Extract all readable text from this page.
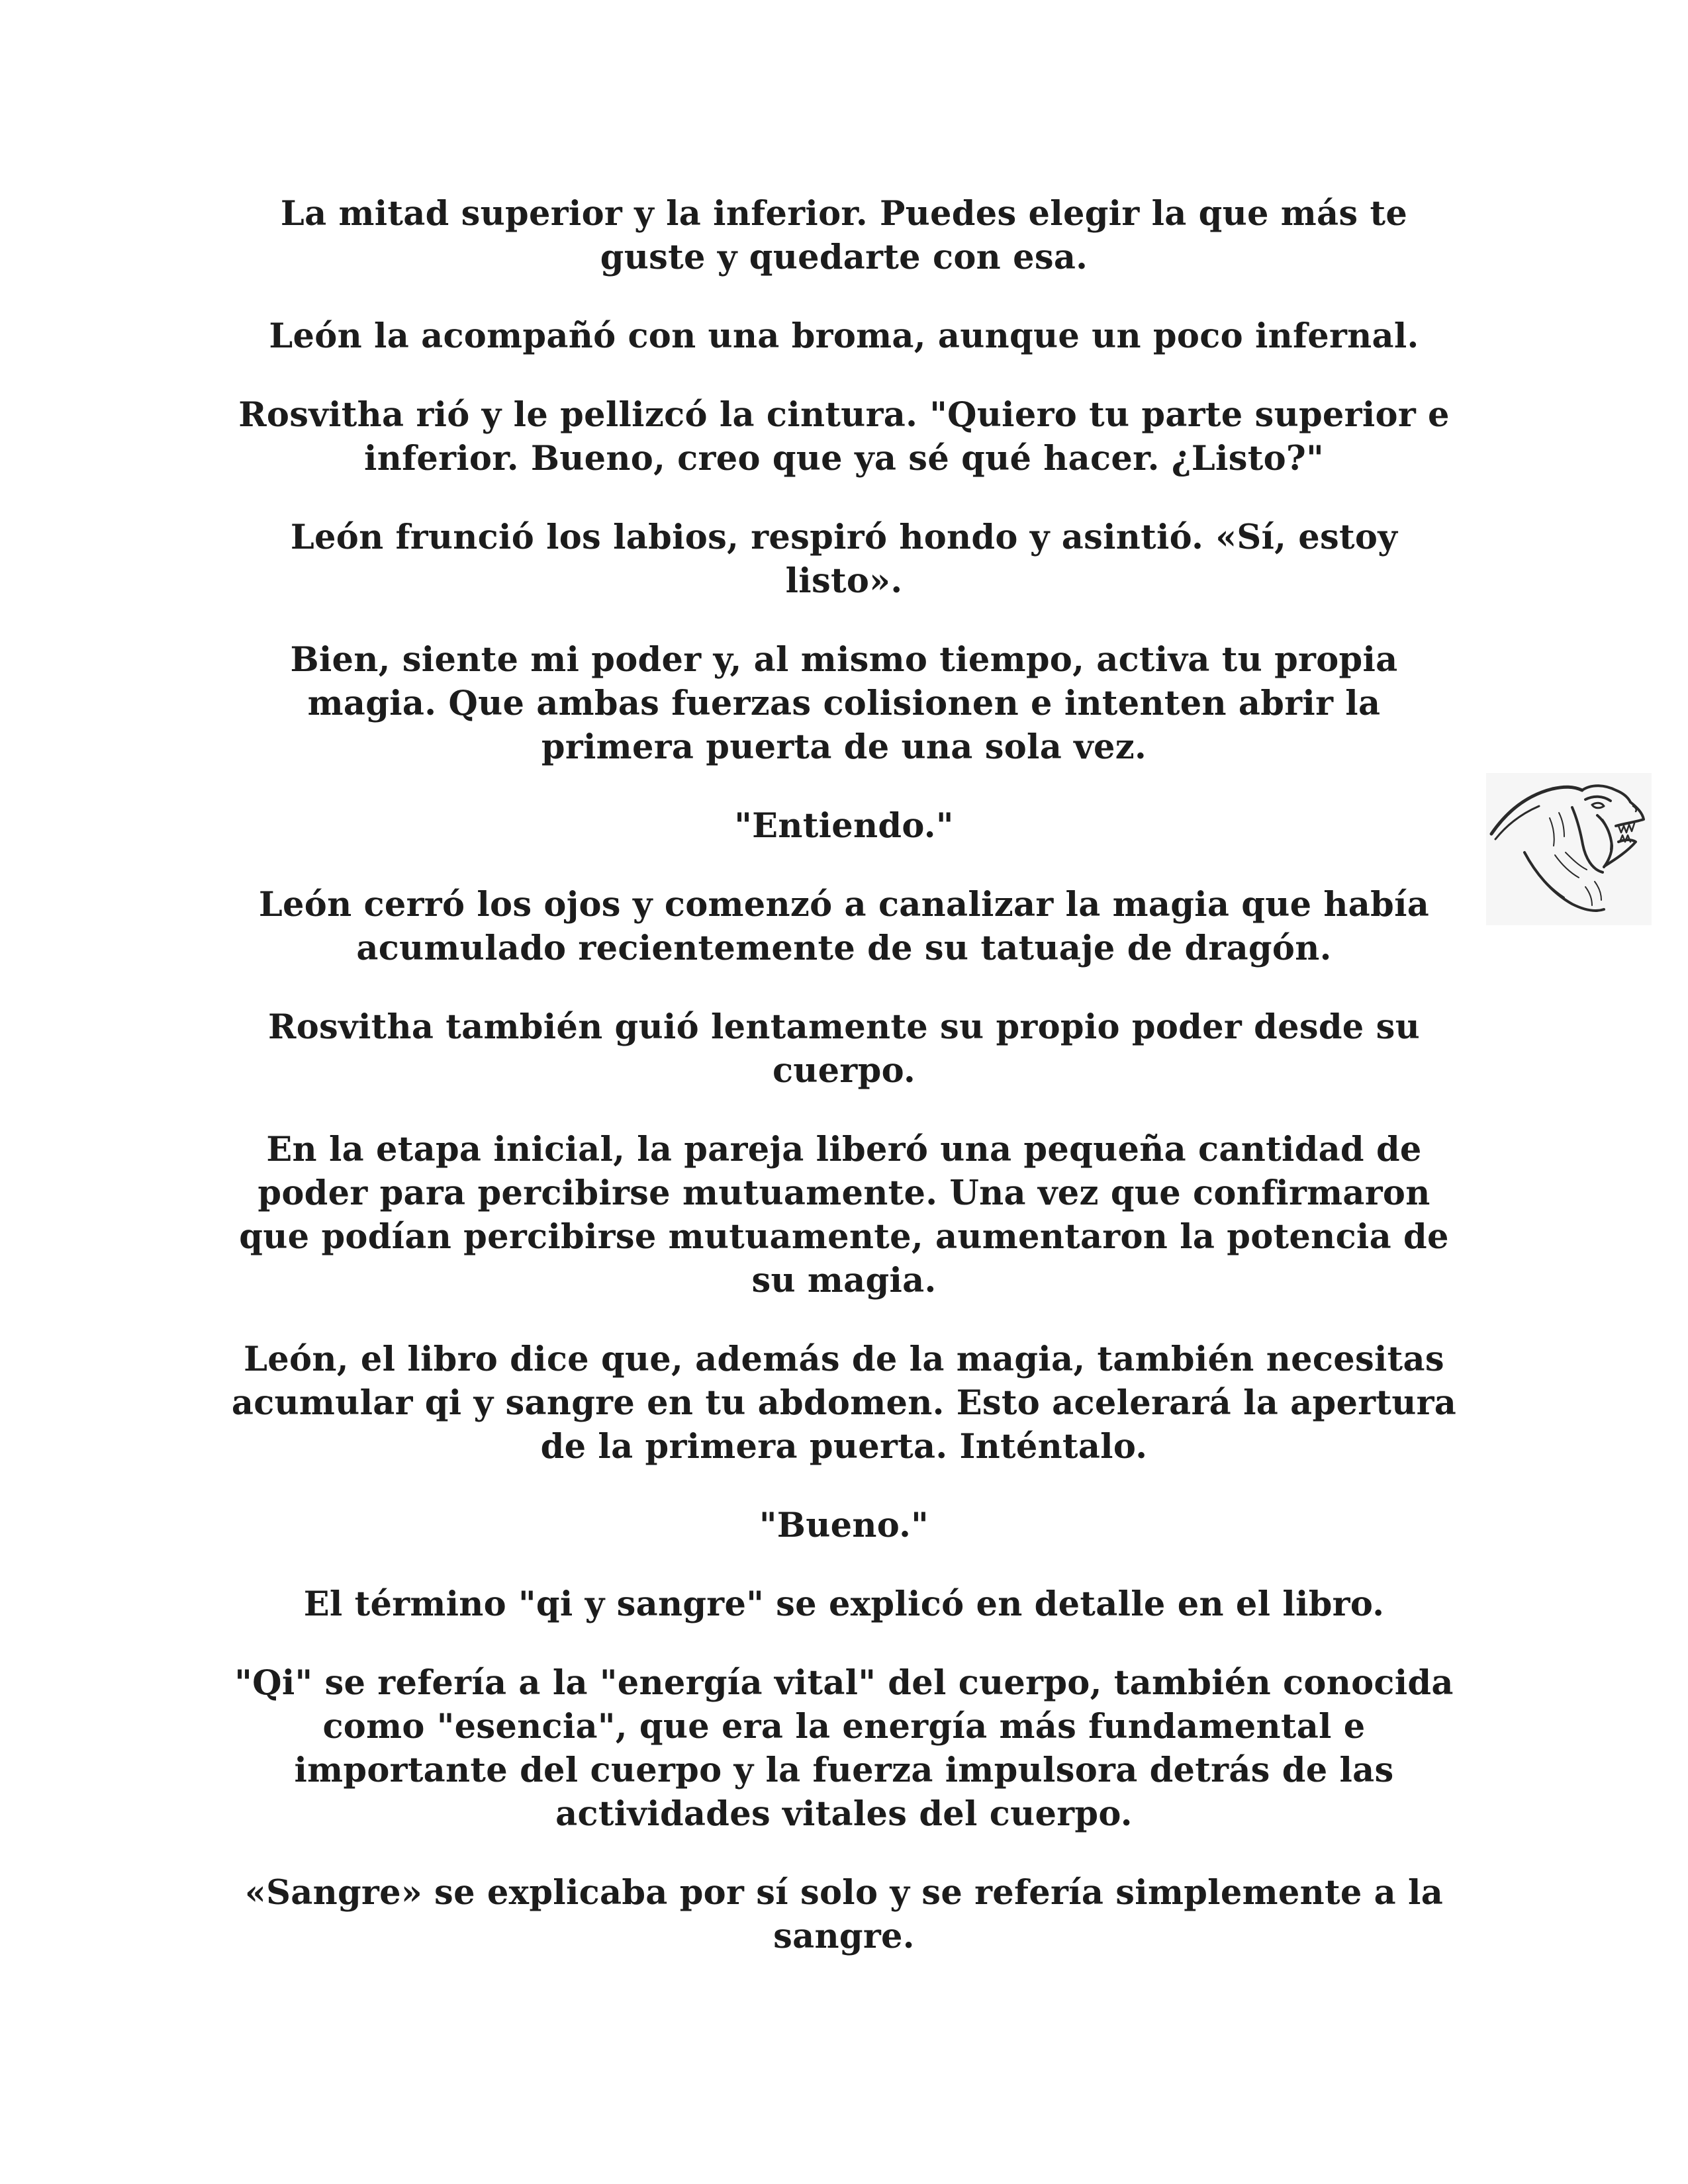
La mitad superior y la inferior. Puedes elegir la que más te guste y quedarte con esa.

León la acompañó con una broma, aunque un poco infernal.

Rosvitha rió y le pellizcó la cintura. "Quiero tu parte superior e inferior. Bueno, creo que ya sé qué hacer. ¿Listo?"

León frunció los labios, respiró hondo y asintió. «Sí, estoy listo».

Bien, siente mi poder y, al mismo tiempo, activa tu propia magia. Que ambas fuerzas colisionen e intenten abrir la primera puerta de una sola vez.

"Entiendo."

León cerró los ojos y comenzó a canalizar la magia que había acumulado recientemente de su tatuaje de dragón.

Rosvitha también guió lentamente su propio poder desde su cuerpo.

En la etapa inicial, la pareja liberó una pequeña cantidad de poder para percibirse mutuamente. Una vez que confirmaron que podían percibirse mutuamente, aumentaron la potencia de su magia.

León, el libro dice que, además de la magia, también necesitas acumular qi y sangre en tu abdomen. Esto acelerará la apertura de la primera puerta. Inténtalo.

"Bueno."

El término "qi y sangre" se explicó en detalle en el libro.

"Qi" se refería a la "energía vital" del cuerpo, también conocida como "esencia", que era la energía más fundamental e importante del cuerpo y la fuerza impulsora detrás de las actividades vitales del cuerpo.

«Sangre» se explicaba por sí solo y se refería simplemente a la sangre.
